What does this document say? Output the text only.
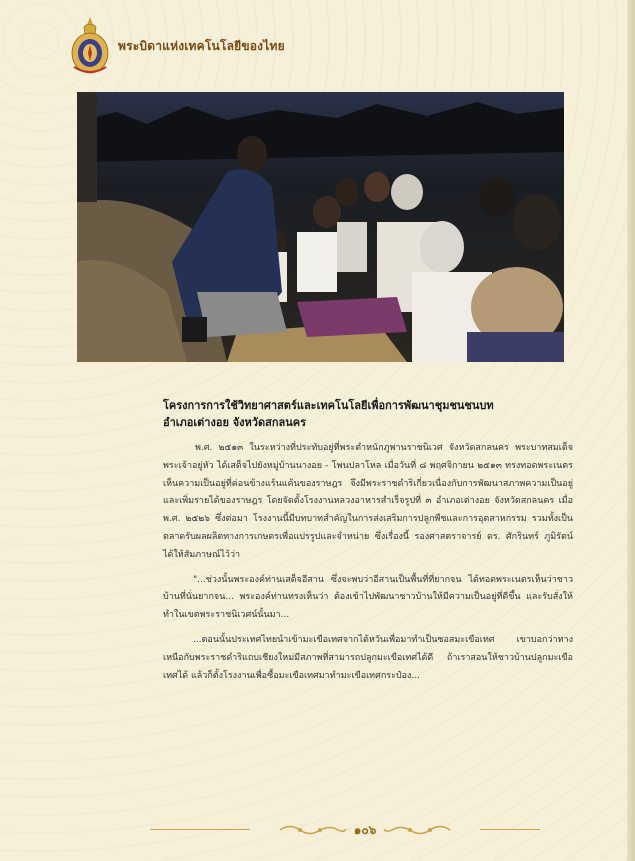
พระบิดาแห่งเทคโนโลยีของไทย
โครงการการใช้วิทยาศาสตร์และเทคโนโลยีเพื่อการพัฒนาชุมชนชนบท
อำเภอเต่างอย จังหวัดสกลนคร

พ.ศ. ๒๕๑๓ ในระหว่างที่ประทับอยู่ที่พระตำหนักภูพานราชนิเวศ จังหวัดสกลนคร พระบาทสมเด็จพระเจ้าอยู่หัว ได้เสด็จไปยังหมู่บ้านนางอย - โพนปลาโหล เมื่อวันที่ ๘ พฤศจิกายน ๒๕๑๓ ทรงทอดพระเนตรเห็นความเป็นอยู่ที่ค่อนข้างแร้นแค้นของราษฎร จึงมีพระราชดำริเกี่ยวเนื่องกับการพัฒนาสภาพความเป็นอยู่และเพิ่มรายได้ของราษฎร โดยจัดตั้งโรงงานหลวงอาหารสำเร็จรูปที่ ๓ อำเภอเต่างอย จังหวัดสกลนคร เมื่อ พ.ศ. ๒๕๒๖ ซึ่งต่อมา โรงงานนี้มีบทบาทสำคัญในการส่งเสริมการปลูกพืชและการอุตสาหกรรม รวมทั้งเป็นตลาดรับผลผลิตทางการเกษตรเพื่อแปรรูปและจำหน่าย ซึ่งเรื่องนี้ รองศาสตราจารย์ ดร. ศักรินทร์ ภูมิรัตน์ ได้ให้สัมภาษณ์ไว้ว่า

"...ช่วงนั้นพระองค์ท่านเสด็จอีสาน ซึ่งจะพบว่าอีสานเป็นพื้นที่ที่ยากจน ได้ทอดพระเนตรเห็นว่าชาวบ้านที่นั่นยากจน... พระองค์ท่านทรงเห็นว่า ต้องเข้าไปพัฒนาชาวบ้านให้มีความเป็นอยู่ที่ดีขึ้น และรับสั่งให้ทำในเขตพระราชนิเวศน์นั้นมา...

...ตอนนั้นประเทศไทยนำเข้ามะเขือเทศจากไต้หวันเพื่อมาทำเป็นซอสมะเขือเทศ เขาบอกว่าทางเหนือกับพระราชดำริแถบเชียงใหม่มีสภาพที่สามารถปลูกมะเขือเทศได้ดี ถ้าเราสอนให้ชาวบ้านปลูกมะเขือเทศได้ แล้วก็ตั้งโรงงานเพื่อซื้อมะเขือเทศมาทำมะเขือเทศกระป๋อง...

๑๐๖
